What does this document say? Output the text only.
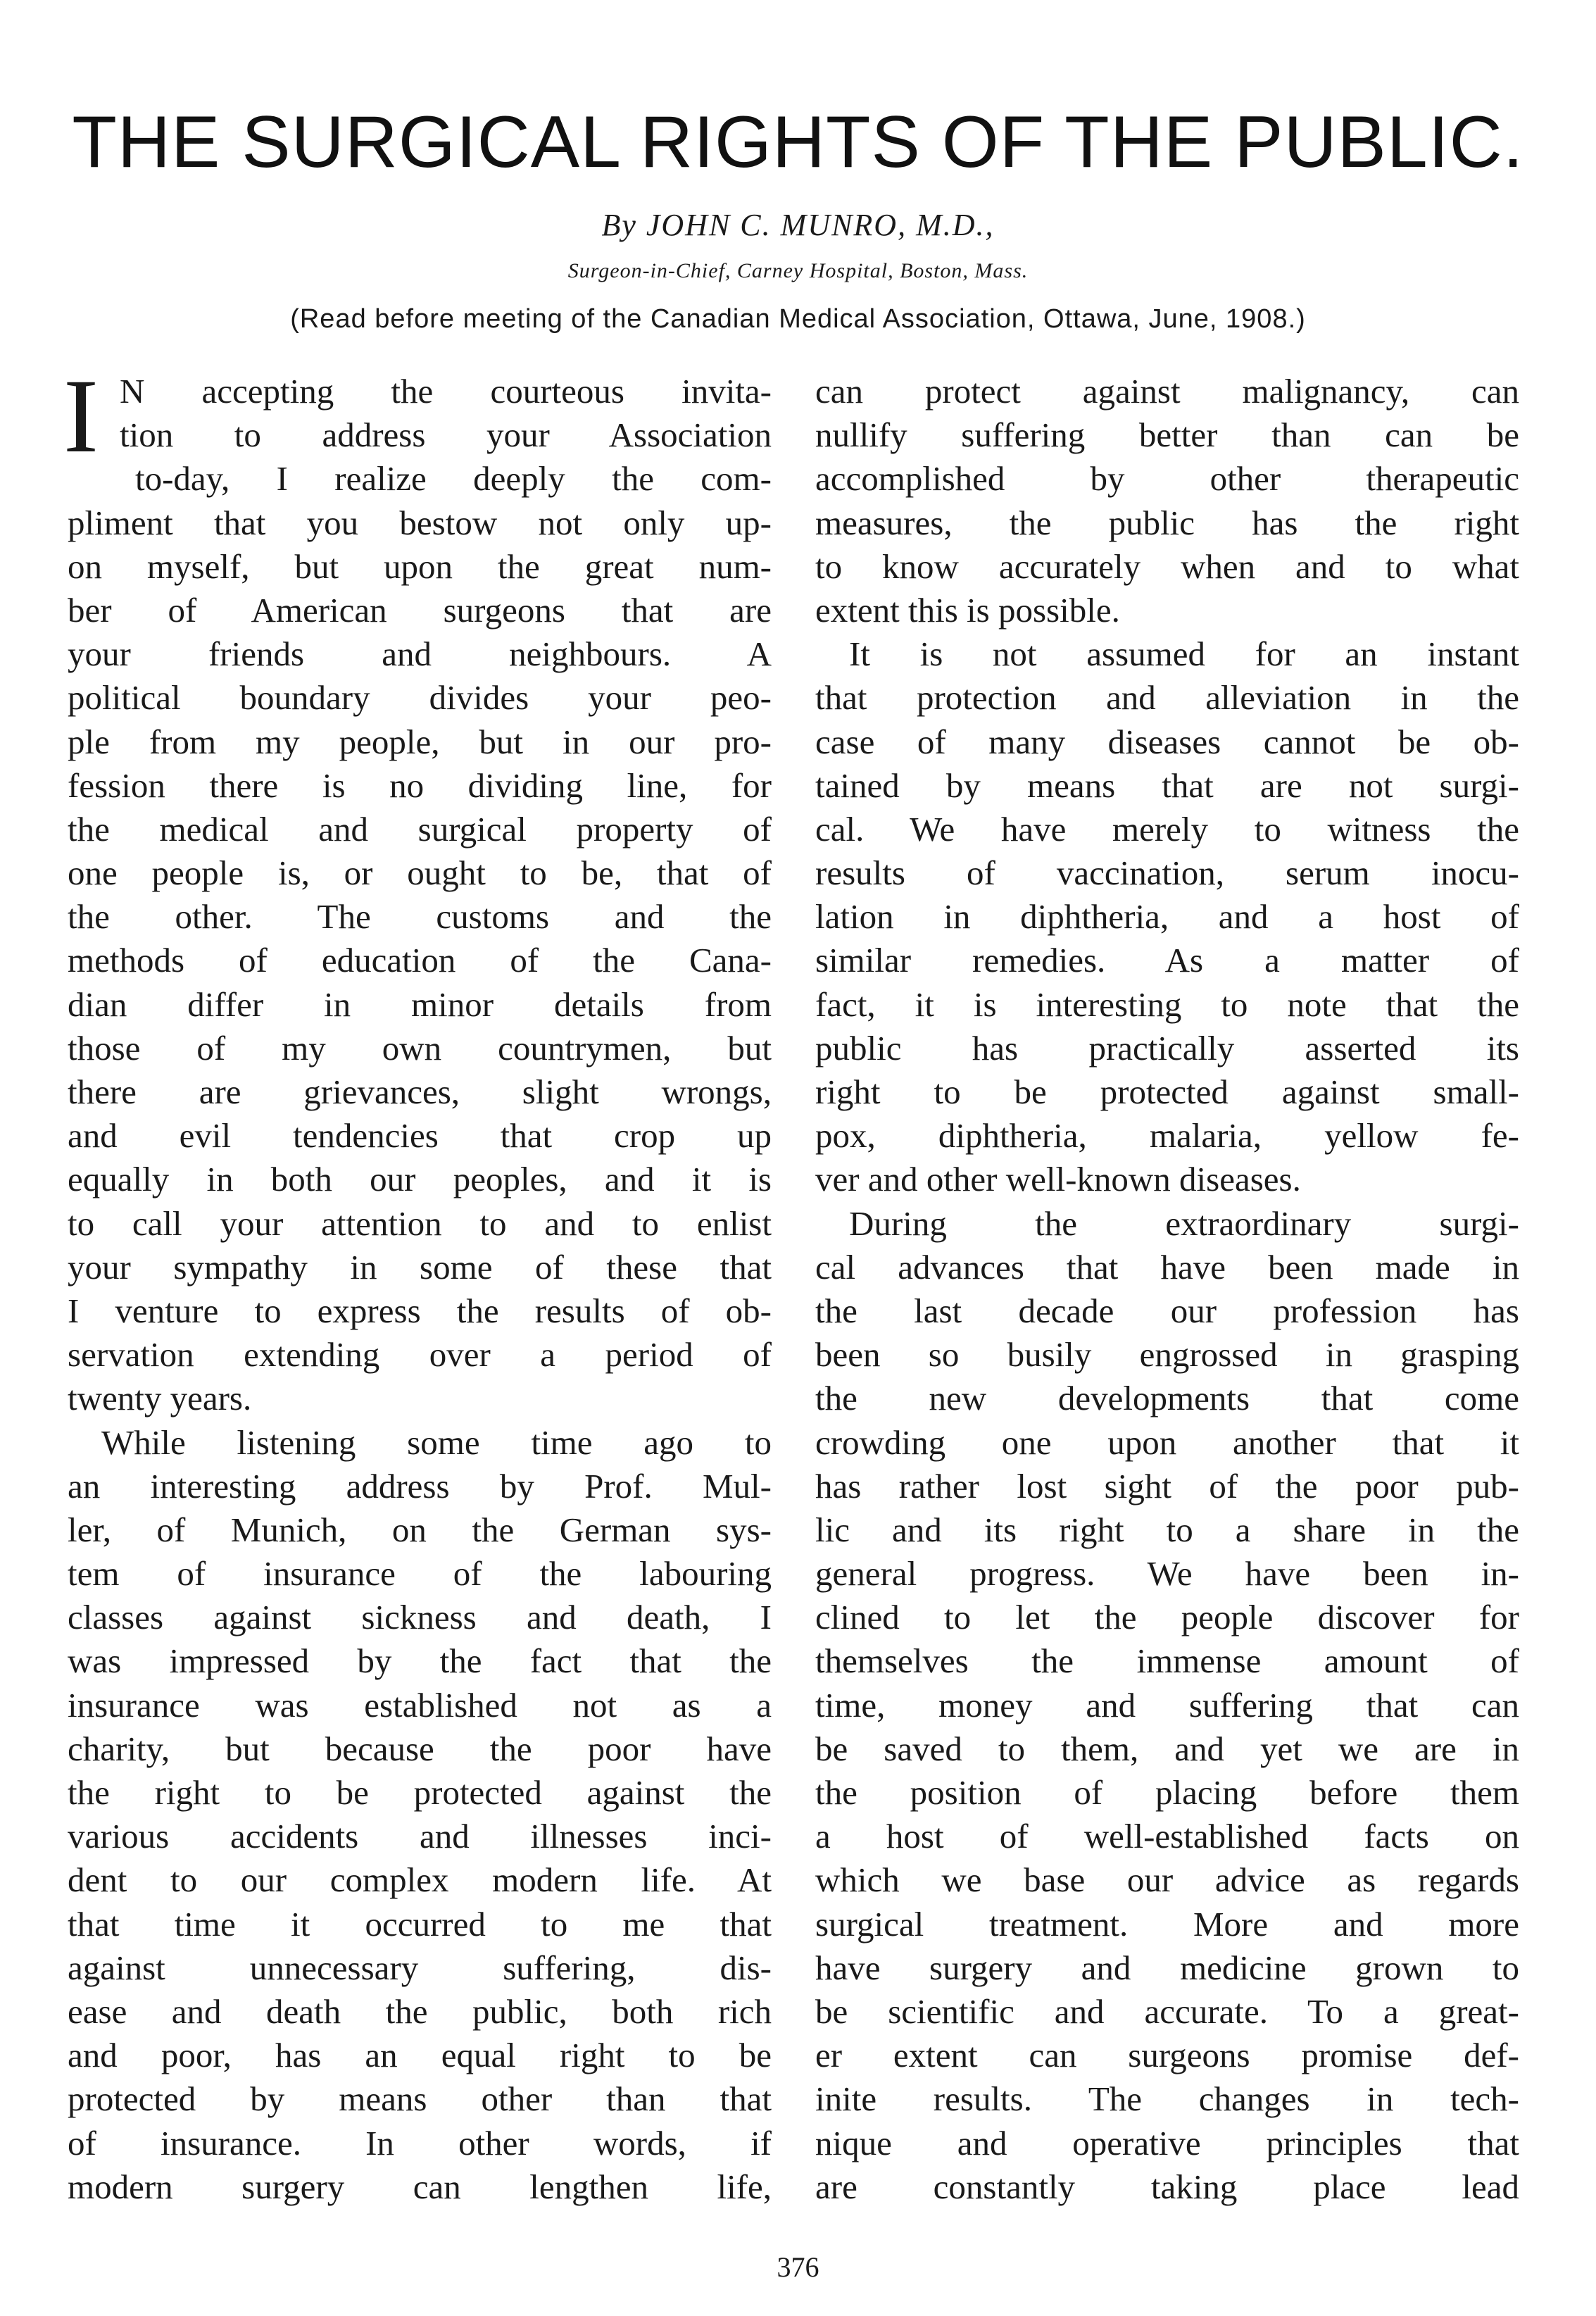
THE SURGICAL RIGHTS OF THE PUBLIC.
By JOHN C. MUNRO, M.D.,
Surgeon-in-Chief, Carney Hospital, Boston, Mass.
(Read before meeting of the Canadian Medical Association, Ottawa, June, 1908.)
I N accepting the courteous invita-
tion to address your Association
to-day, I realize deeply the com-
pliment that you bestow not only up-
on myself, but upon the great num-
ber of American surgeons that are
your friends and neighbours. A
political boundary divides your peo-
ple from my people, but in our pro-
fession there is no dividing line, for
the medical and surgical property of
one people is, or ought to be, that of
the other. The customs and the
methods of education of the Cana-
dian differ in minor details from
those of my own countrymen, but
there are grievances, slight wrongs,
and evil tendencies that crop up
equally in both our peoples, and it is
to call your attention to and to enlist
your sympathy in some of these that
I venture to express the results of ob-
servation extending over a period of
twenty years.
While listening some time ago to
an interesting address by Prof. Mul-
ler, of Munich, on the German sys-
tem of insurance of the labouring
classes against sickness and death, I
was impressed by the fact that the
insurance was established not as a
charity, but because the poor have
the right to be protected against the
various accidents and illnesses inci-
dent to our complex modern life. At
that time it occurred to me that
against unnecessary suffering, dis-
ease and death the public, both rich
and poor, has an equal right to be
protected by means other than that
of insurance. In other words, if
modern surgery can lengthen life,
can protect against malignancy, can
nullify suffering better than can be
accomplished by other therapeutic
measures, the public has the right
to know accurately when and to what
extent this is possible.
It is not assumed for an instant
that protection and alleviation in the
case of many diseases cannot be ob-
tained by means that are not surgi-
cal. We have merely to witness the
results of vaccination, serum inocu-
lation in diphtheria, and a host of
similar remedies. As a matter of
fact, it is interesting to note that the
public has practically asserted its
right to be protected against small-
pox, diphtheria, malaria, yellow fe-
ver and other well-known diseases.
During the extraordinary surgi-
cal advances that have been made in
the last decade our profession has
been so busily engrossed in grasping
the new developments that come
crowding one upon another that it
has rather lost sight of the poor pub-
lic and its right to a share in the
general progress. We have been in-
clined to let the people discover for
themselves the immense amount of
time, money and suffering that can
be saved to them, and yet we are in
the position of placing before them
a host of well-established facts on
which we base our advice as regards
surgical treatment. More and more
have surgery and medicine grown to
be scientific and accurate. To a great-
er extent can surgeons promise def-
inite results. The changes in tech-
nique and operative principles that
are constantly taking place lead
376
